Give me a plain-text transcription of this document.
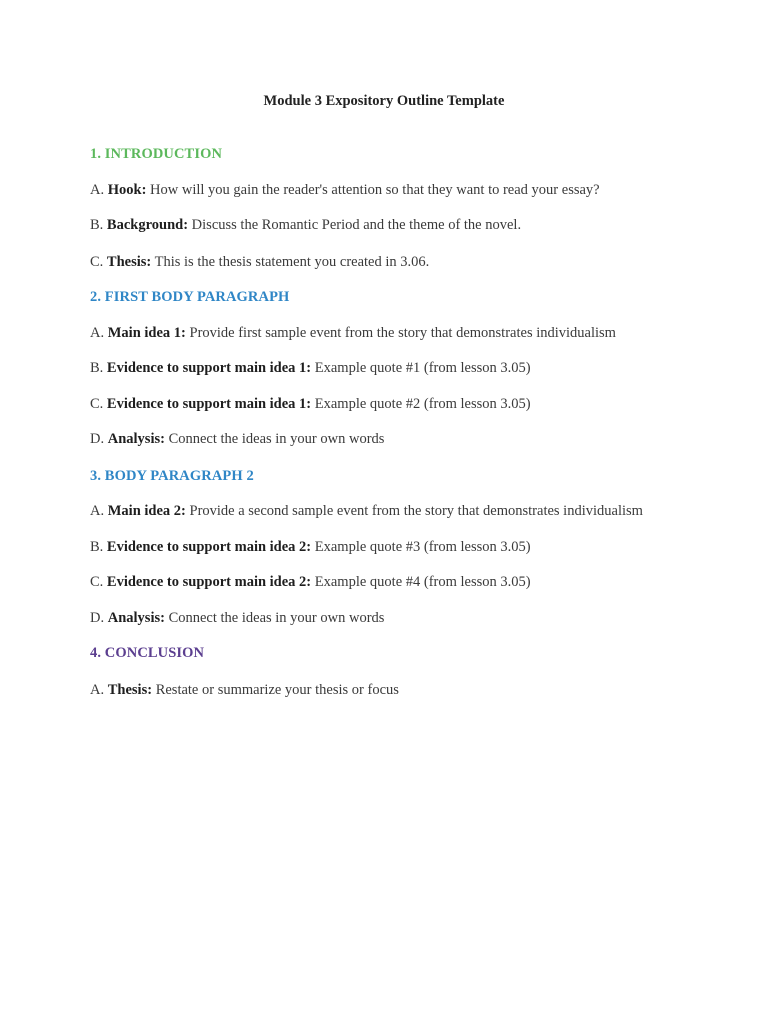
Module 3 Expository Outline Template
1. INTRODUCTION
A. Hook: How will you gain the reader's attention so that they want to read your essay?
B. Background: Discuss the Romantic Period and the theme of the novel.
C. Thesis: This is the thesis statement you created in 3.06.
2. FIRST BODY PARAGRAPH
A. Main idea 1: Provide first sample event from the story that demonstrates individualism
B. Evidence to support main idea 1: Example quote #1 (from lesson 3.05)
C. Evidence to support main idea 1: Example quote #2 (from lesson 3.05)
D. Analysis: Connect the ideas in your own words
3. BODY PARAGRAPH 2
A. Main idea 2: Provide a second sample event from the story that demonstrates individualism
B. Evidence to support main idea 2: Example quote #3 (from lesson 3.05)
C. Evidence to support main idea 2: Example quote #4 (from lesson 3.05)
D. Analysis: Connect the ideas in your own words
4. CONCLUSION
A. Thesis: Restate or summarize your thesis or focus
